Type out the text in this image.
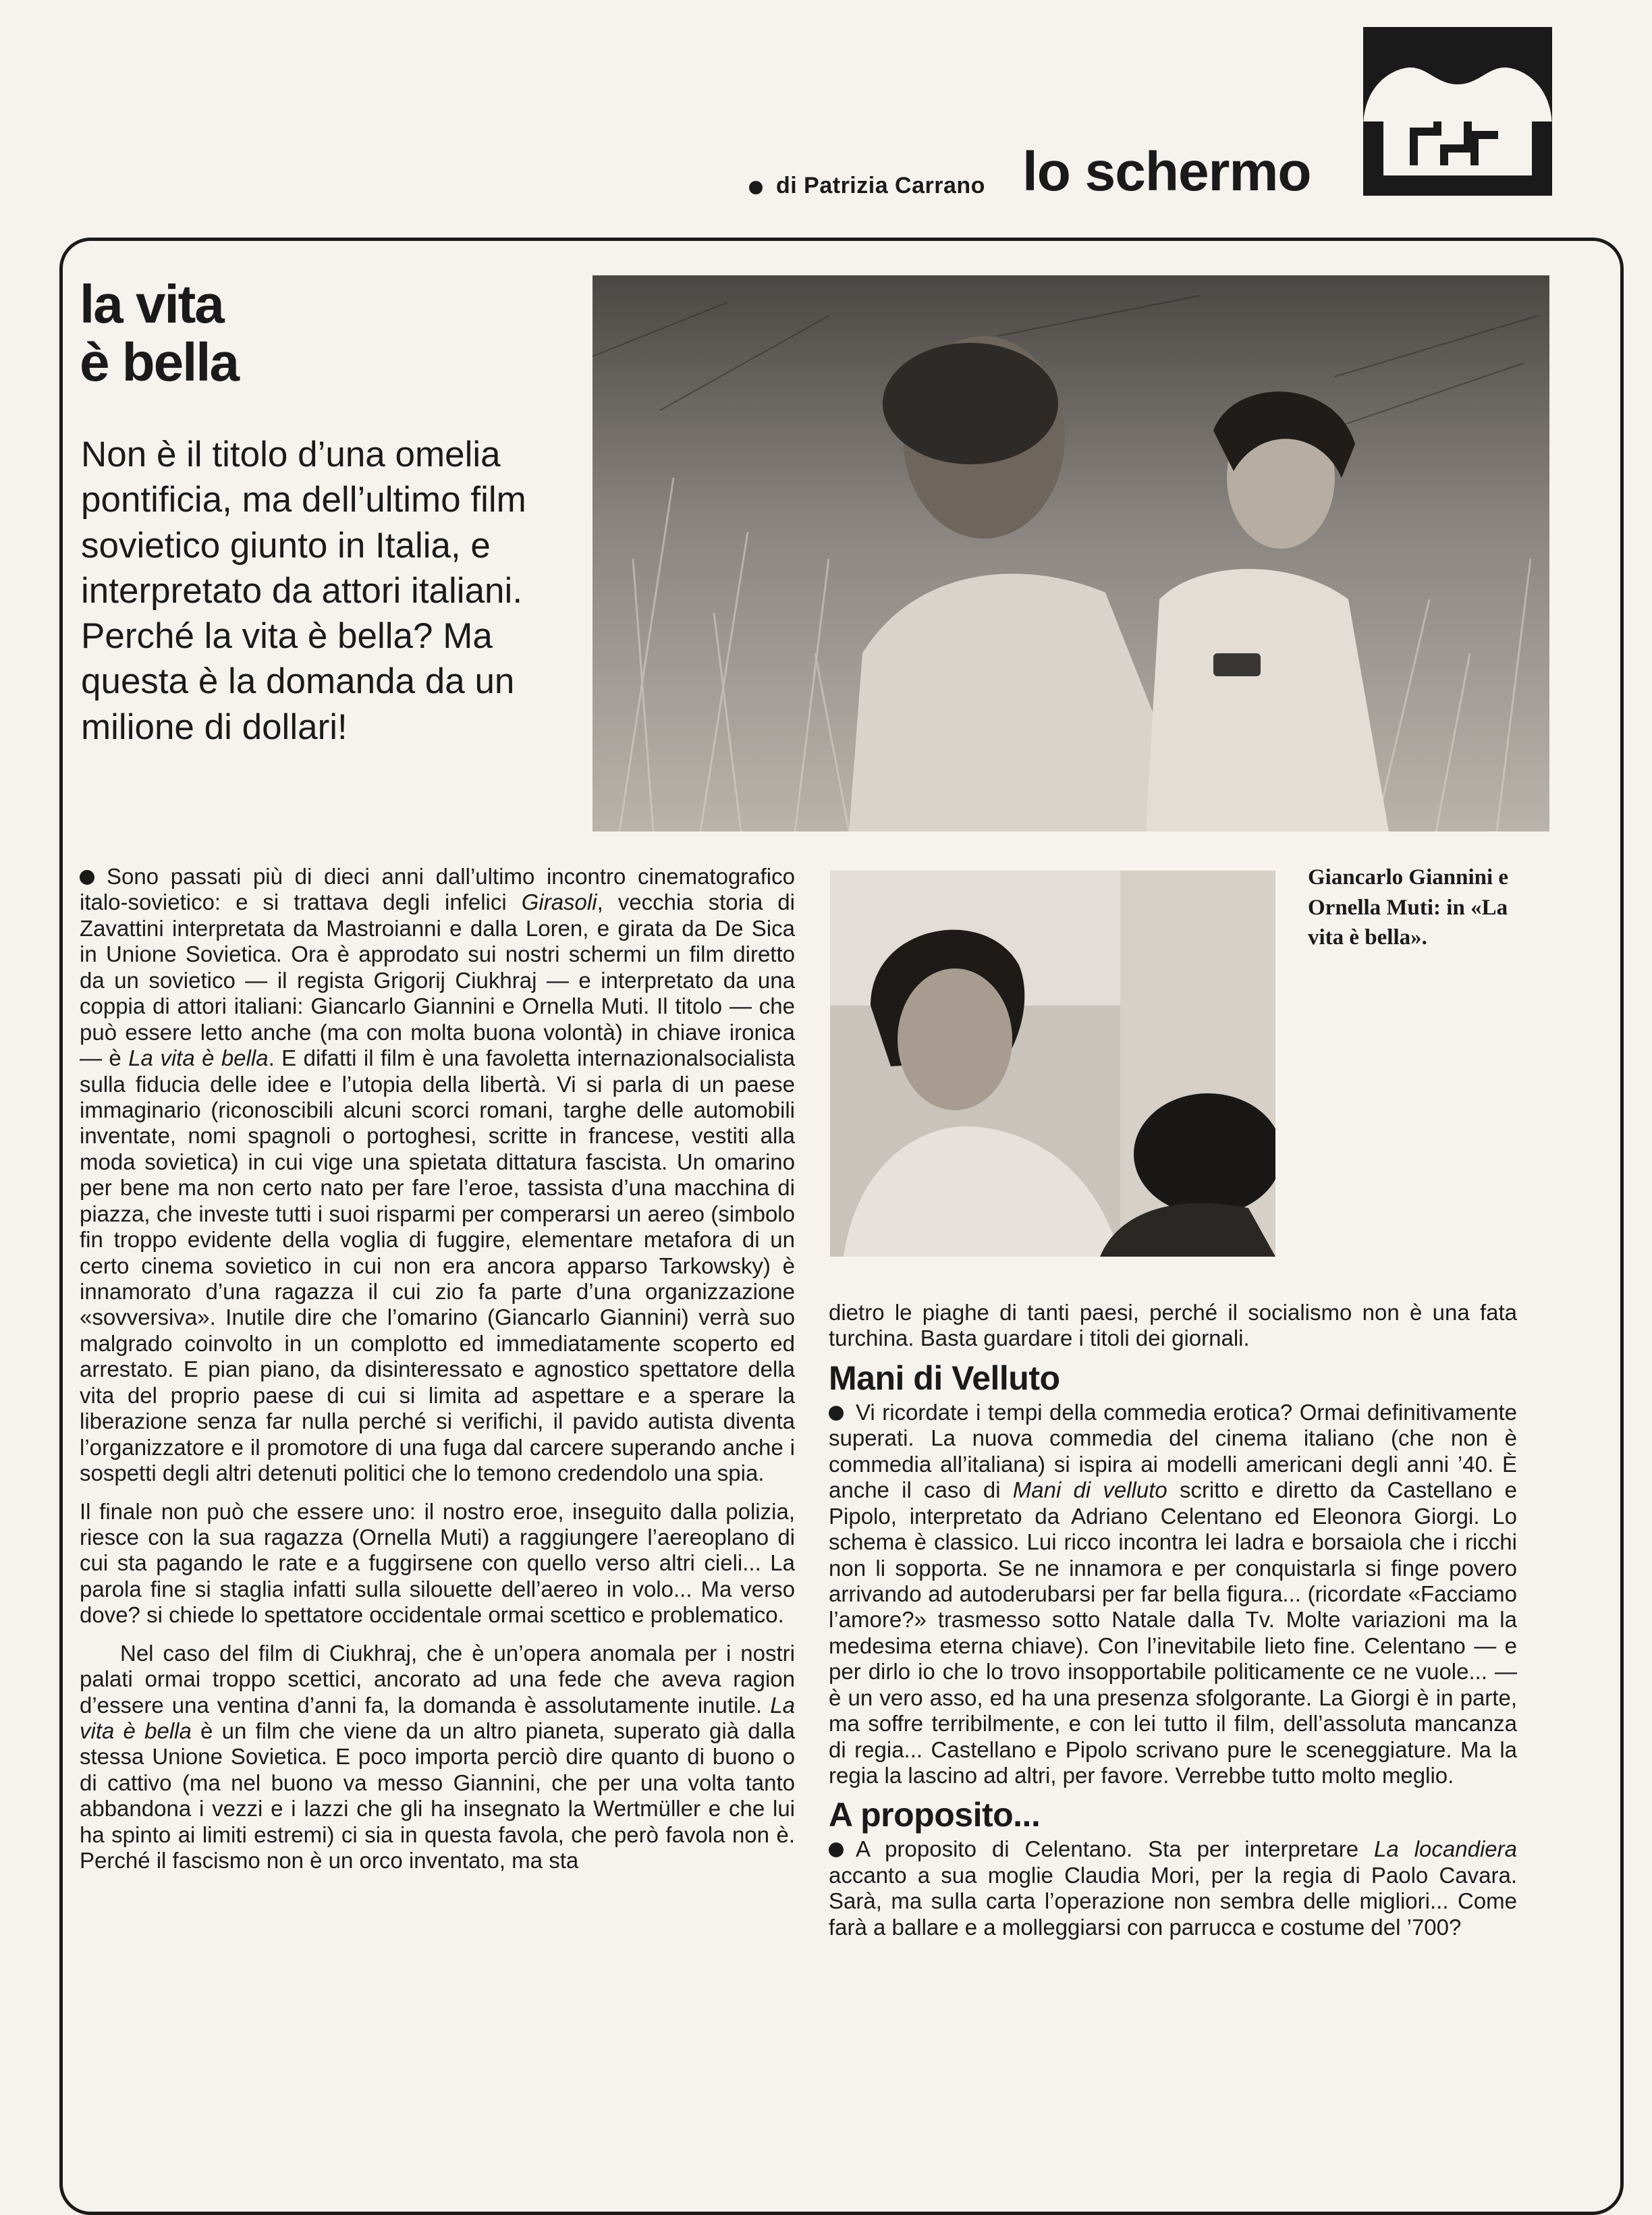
di Patrizia Carrano lo schermo
la vita
è bella
Non è il titolo d’una omelia pontificia, ma dell’ultimo film sovietico giunto in Italia, e interpretato da attori italiani. Perché la vita è bella? Ma questa è la domanda da un milione di dollari!
Giancarlo Giannini e Ornella Muti: in «La vita è bella».

Sono passati più di dieci anni dall’ultimo incontro cinematografico italo-sovietico: e si trattava degli infelici Girasoli, vecchia storia di Zavattini interpretata da Mastroianni e dalla Loren, e girata da De Sica in Unione Sovietica. Ora è approdato sui nostri schermi un film diretto da un sovietico — il regista Grigorij Ciukhraj — e interpretato da una coppia di attori italiani: Giancarlo Giannini e Ornella Muti. Il titolo — che può essere letto anche (ma con molta buona volontà) in chiave ironica — è La vita è bella. E difatti il film è una favoletta internazionalsocialista sulla fiducia delle idee e l’utopia della libertà. Vi si parla di un paese immaginario (riconoscibili alcuni scorci romani, targhe delle automobili inventate, nomi spagnoli o portoghesi, scritte in francese, vestiti alla moda sovietica) in cui vige una spietata dittatura fascista. Un omarino per bene ma non certo nato per fare l’eroe, tassista d’una macchina di piazza, che investe tutti i suoi risparmi per comperarsi un aereo (simbolo fin troppo evidente della voglia di fuggire, elementare metafora di un certo cinema sovietico in cui non era ancora apparso Tarkowsky) è innamorato d’una ragazza il cui zio fa parte d’una organizzazione «sovversiva». Inutile dire che l’omarino (Giancarlo Giannini) verrà suo malgrado coinvolto in un complotto ed immediatamente scoperto ed arrestato. E pian piano, da disinteressato e agnostico spettatore della vita del proprio paese di cui si limita ad aspettare e a sperare la liberazione senza far nulla perché si verifichi, il pavido autista diventa l’organizzatore e il promotore di una fuga dal carcere superando anche i sospetti degli altri detenuti politici che lo temono credendolo una spia.

Il finale non può che essere uno: il nostro eroe, inseguito dalla polizia, riesce con la sua ragazza (Ornella Muti) a raggiungere l’aereoplano di cui sta pagando le rate e a fuggirsene con quello verso altri cieli... La parola fine si staglia infatti sulla silouette dell’aereo in volo... Ma verso dove? si chiede lo spettatore occidentale ormai scettico e problematico.

Nel caso del film di Ciukhraj, che è un’opera anomala per i nostri palati ormai troppo scettici, ancorato ad una fede che aveva ragion d’essere una ventina d’anni fa, la domanda è assolutamente inutile. La vita è bella è un film che viene da un altro pianeta, superato già dalla stessa Unione Sovietica. E poco importa perciò dire quanto di buono o di cattivo (ma nel buono va messo Giannini, che per una volta tanto abbandona i vezzi e i lazzi che gli ha insegnato la Wertmüller e che lui ha spinto ai limiti estremi) ci sia in questa favola, che però favola non è. Perché il fascismo non è un orco inventato, ma sta

dietro le piaghe di tanti paesi, perché il socialismo non è una fata turchina. Basta guardare i titoli dei giornali.

Mani di Velluto

Vi ricordate i tempi della commedia erotica? Ormai definitivamente superati. La nuova commedia del cinema italiano (che non è commedia all’italiana) si ispira ai modelli americani degli anni ’40. È anche il caso di Mani di velluto scritto e diretto da Castellano e Pipolo, interpretato da Adriano Celentano ed Eleonora Giorgi. Lo schema è classico. Lui ricco incontra lei ladra e borsaiola che i ricchi non li sopporta. Se ne innamora e per conquistarla si finge povero arrivando ad autoderubarsi per far bella figura... (ricordate «Facciamo l’amore?» trasmesso sotto Natale dalla Tv. Molte variazioni ma la medesima eterna chiave). Con l’inevitabile lieto fine. Celentano — e per dirlo io che lo trovo insopportabile politicamente ce ne vuole... — è un vero asso, ed ha una presenza sfolgorante. La Giorgi è in parte, ma soffre terribilmente, e con lei tutto il film, dell’assoluta mancanza di regia... Castellano e Pipolo scrivano pure le sceneggiature. Ma la regia la lascino ad altri, per favore. Verrebbe tutto molto meglio.

A proposito...

A proposito di Celentano. Sta per interpretare La locandiera accanto a sua moglie Claudia Mori, per la regia di Paolo Cavara. Sarà, ma sulla carta l’operazione non sembra delle migliori... Come farà a ballare e a molleggiarsi con parrucca e costume del ’700?
